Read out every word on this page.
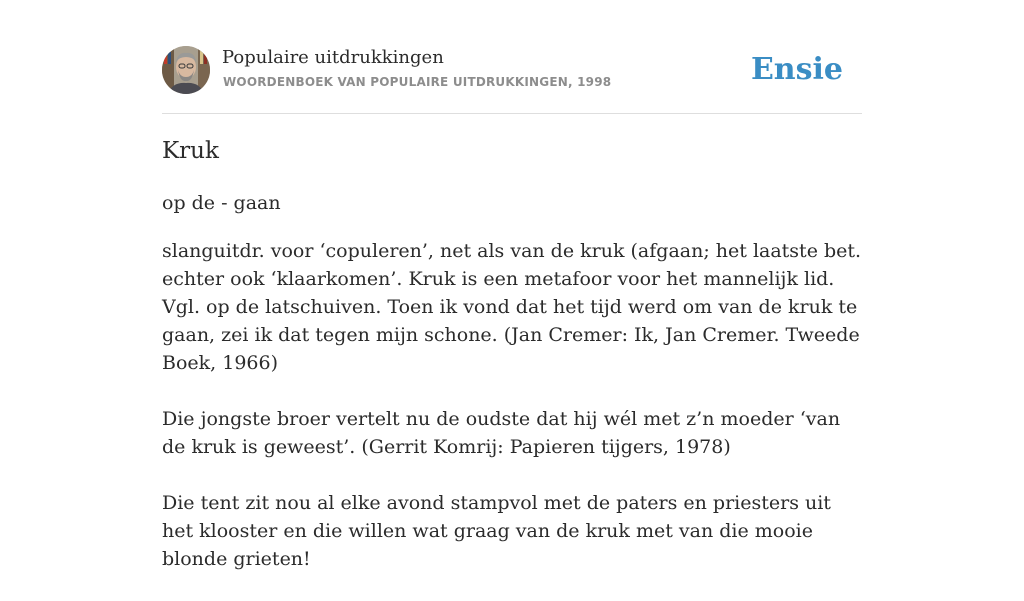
Populaire uitdrukkingen
WOORDENBOEK VAN POPULAIRE UITDRUKKINGEN, 1998	Ensie
Kruk
op de - gaan

slanguitdr. voor ‘copuleren’, net als van de kruk (afgaan; het laatste bet. echter ook ‘klaarkomen’. Kruk is een metafoor voor het mannelijk lid. Vgl. op de latschuiven. Toen ik vond dat het tijd werd om van de kruk te gaan, zei ik dat tegen mijn schone. (Jan Cremer: Ik, Jan Cremer. Tweede Boek, 1966)

Die jongste broer vertelt nu de oudste dat hij wél met z’n moeder ‘van de kruk is geweest’. (Gerrit Komrij: Papieren tijgers, 1978)

Die tent zit nou al elke avond stampvol met de paters en priesters uit het klooster en die willen wat graag van de kruk met van die mooie blonde grieten!
